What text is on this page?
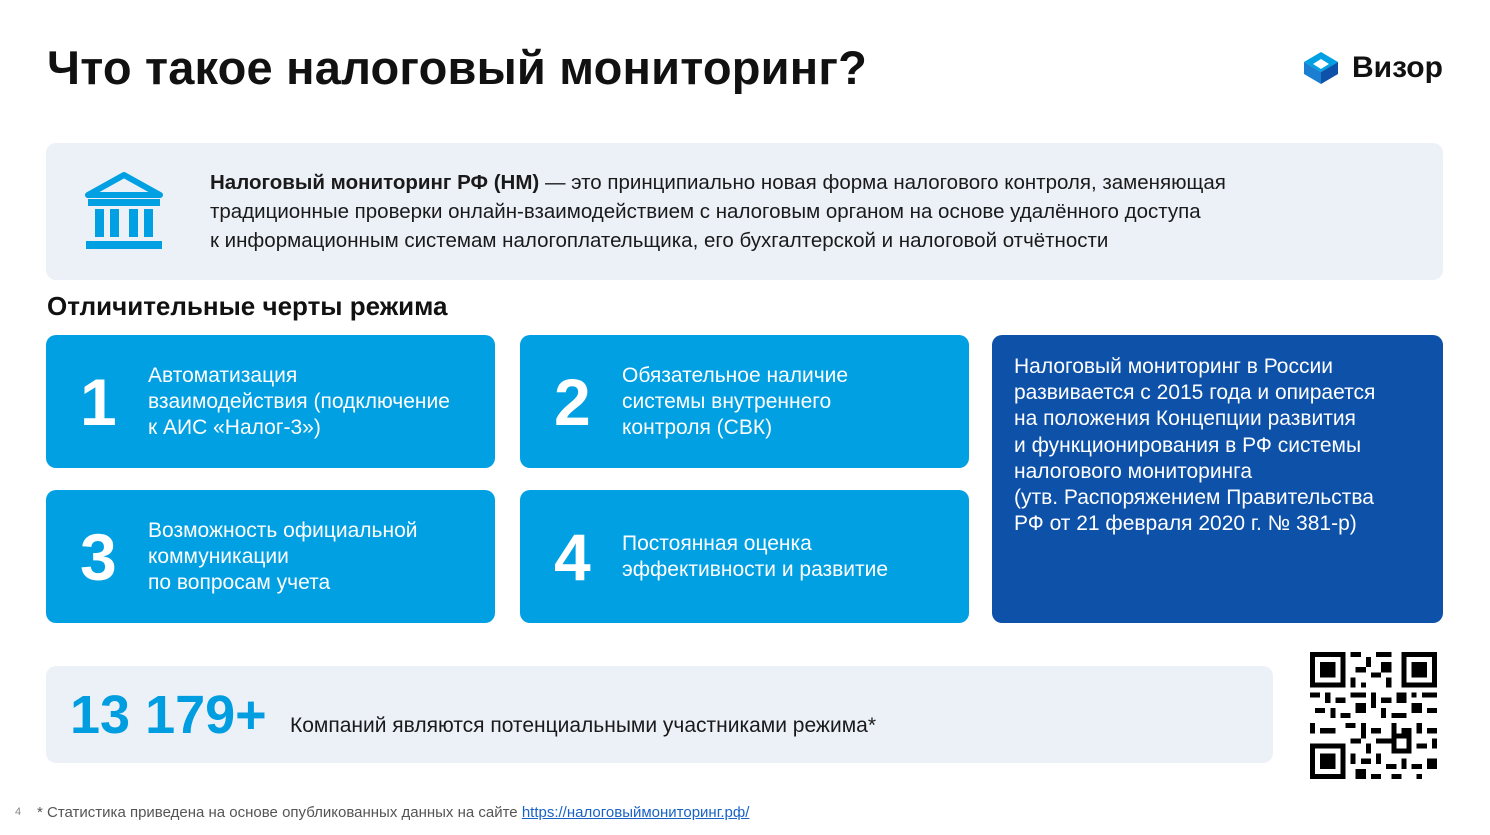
Что такое налоговый мониторинг?	Визор

Налоговый мониторинг РФ (НМ) — это принципиально новая форма налогового контроля, заменяющая
традиционные проверки онлайн-взаимодействием с налоговым органом на основе удалённого доступа
к информационным системам налогоплательщика, его бухгалтерской и налоговой отчётности

Отличительные черты режима
1 Автоматизация
взаимодействия (подключение
к АИС «Налог-3»)	2 Обязательное наличие
системы внутреннего
контроля (СВК)
3 Возможность официальной
коммуникации
по вопросам учета	4 Постоянная оценка
эффективности и развитие

Налоговый мониторинг в России
развивается с 2015 года и опирается
на положения Концепции развития
и функционирования в РФ системы
налогового мониторинга
(утв. Распоряжением Правительства
РФ от 21 февраля 2020 г. № 381-р)

13 179+ Компаний являются потенциальными участниками режима*
4 * Статистика приведена на основе опубликованных данных на сайте https://налоговыймониторинг.рф/
